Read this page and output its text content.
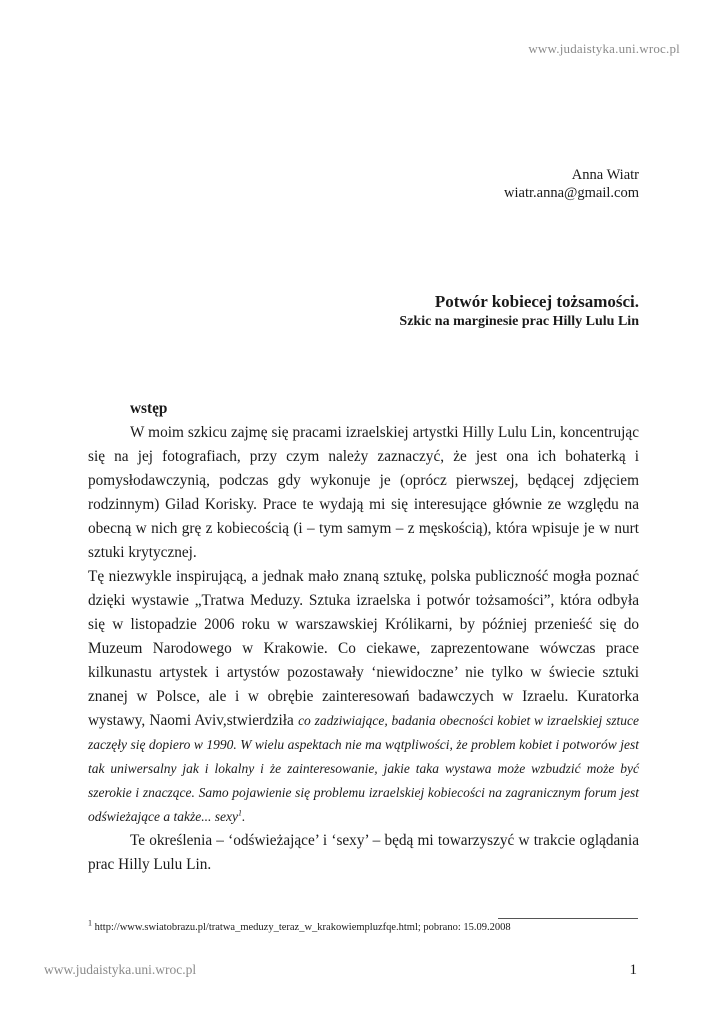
www.judaistyka.uni.wroc.pl
Anna Wiatr
wiatr.anna@gmail.com
Potwór kobiecej tożsamości.
Szkic na marginesie prac Hilly Lulu Lin

wstęp

W moim szkicu zajmę się pracami izraelskiej artystki Hilly Lulu Lin, koncentrując się na jej fotografiach, przy czym należy zaznaczyć, że jest ona ich bohaterką i pomysłodawczynią, podczas gdy wykonuje je (oprócz pierwszej, będącej zdjęciem rodzinnym) Gilad Korisky. Prace te wydają mi się interesujące głównie ze względu na obecną w nich grę z kobiecością (i – tym samym – z męskością), która wpisuje je w nurt sztuki krytycznej.

Tę niezwykle inspirującą, a jednak mało znaną sztukę, polska publiczność mogła poznać dzięki wystawie „Tratwa Meduzy. Sztuka izraelska i potwór tożsamości”, która odbyła się w listopadzie 2006 roku w warszawskiej Królikarni, by później przenieść się do Muzeum Narodowego w Krakowie. Co ciekawe, zaprezentowane wówczas prace kilkunastu artystek i artystów pozostawały ‘niewidoczne’ nie tylko w świecie sztuki znanej w Polsce, ale i w obrębie zainteresowań badawczych w Izraelu. Kuratorka wystawy, Naomi Aviv,stwierdziła co zadziwiające, badania obecności kobiet w izraelskiej sztuce zaczęły się dopiero w 1990. W wielu aspektach nie ma wątpliwości, że problem kobiet i potworów jest tak uniwersalny jak i lokalny i że zainteresowanie, jakie taka wystawa może wzbudzić może być szerokie i znaczące. Samo pojawienie się problemu izraelskiej kobiecości na zagranicznym forum jest odświeżające a także... sexy$^1$.

Te określenia – ‘odświeżające’ i ‘sexy’ – będą mi towarzyszyć w trakcie oglądania prac Hilly Lulu Lin.

$^1$ http://www.swiatobrazu.pl/tratwa_meduzy_teraz_w_krakowiempluzfqe.html; pobrano: 15.09.2008
www.judaistyka.uni.wroc.pl	1
